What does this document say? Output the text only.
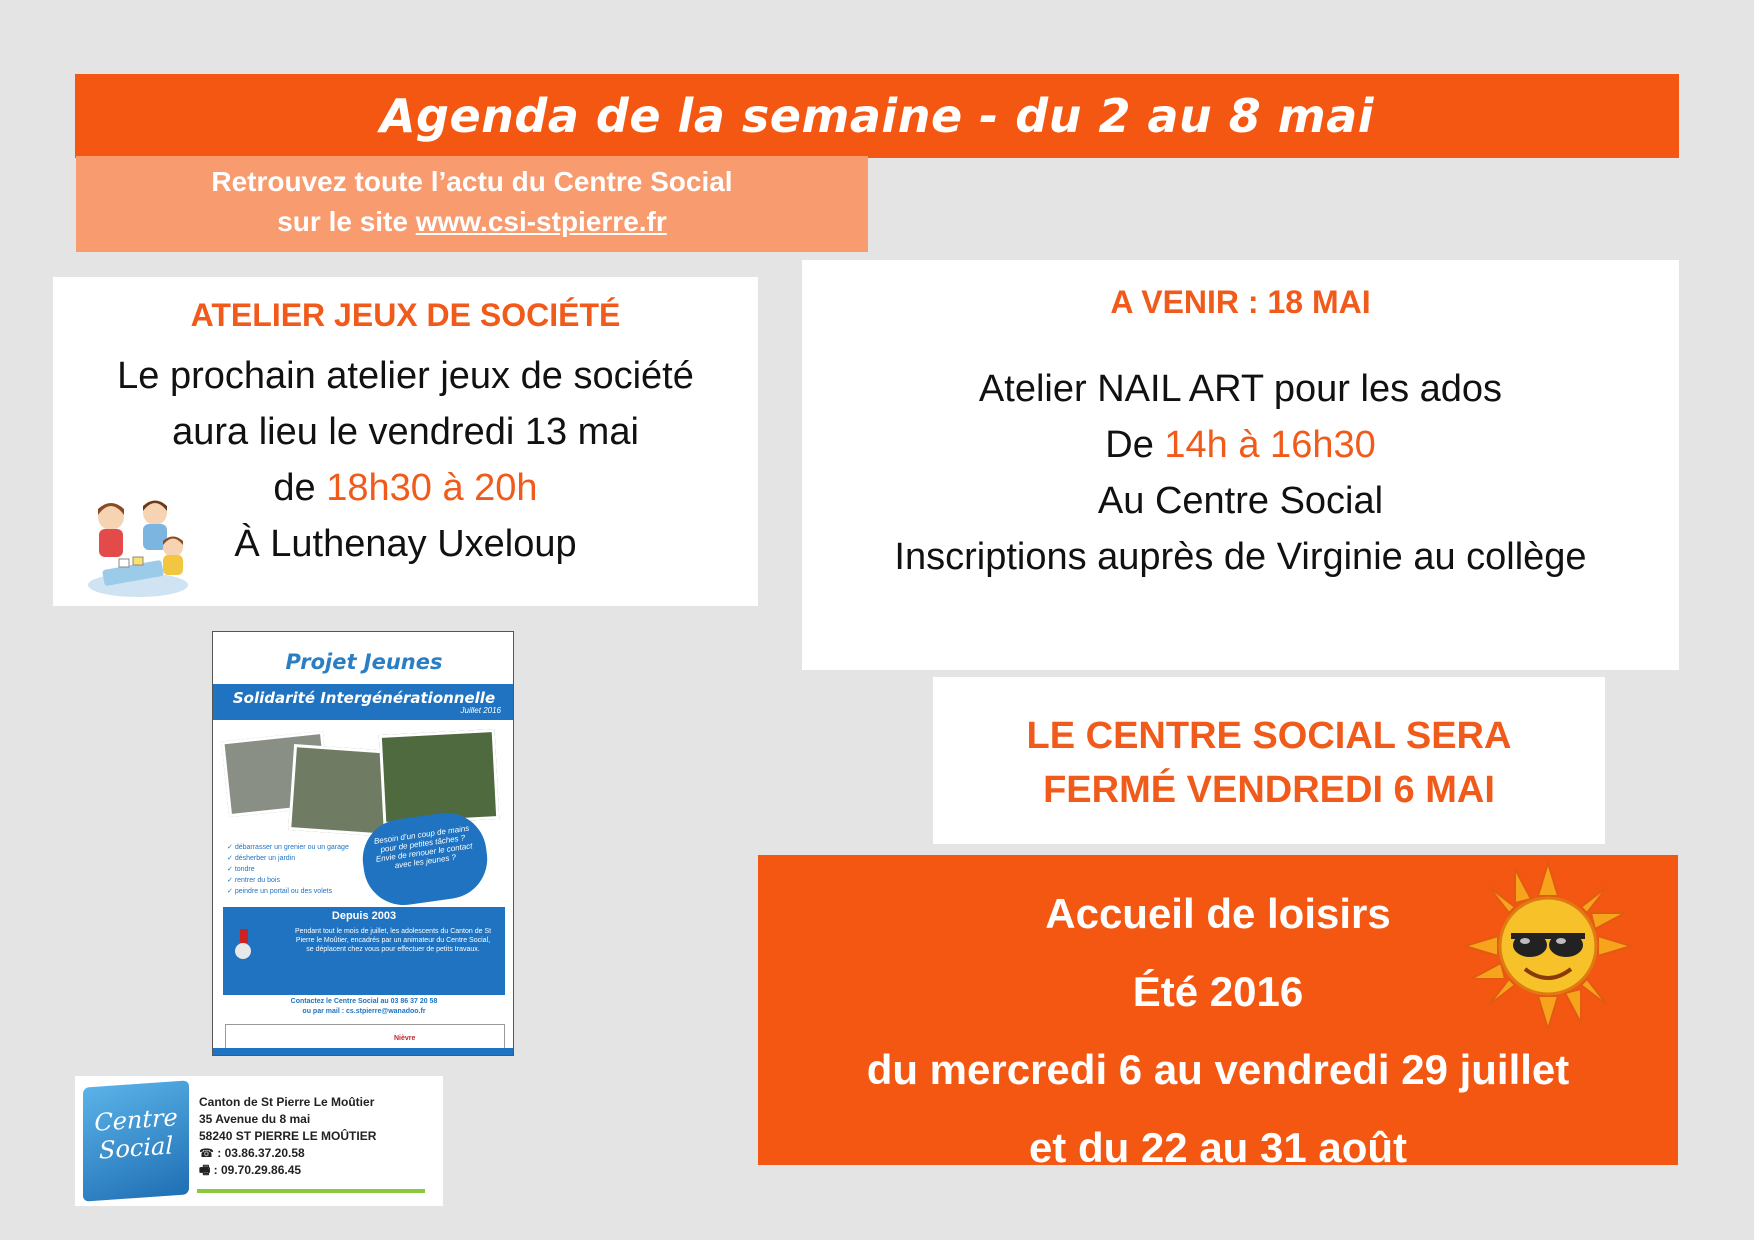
Agenda de la semaine - du 2 au 8 mai
Retrouvez toute l’actu du Centre Social
sur le site www.csi-stpierre.fr
ATELIER JEUX DE SOCIÉTÉ
Le prochain atelier jeux de société
aura lieu le vendredi 13 mai
de 18h30 à 20h
À Luthenay Uxeloup
A VENIR : 18 MAI
Atelier NAIL ART pour les ados
De 14h à 16h30
Au Centre Social
Inscriptions auprès de Virginie au collège
LE CENTRE SOCIAL SERA
FERMÉ VENDREDI 6 MAI
Accueil de loisirs
Été 2016
du mercredi 6 au vendredi 29 juillet
et du 22 au 31 août
Projet Jeunes
Solidarité Intergénérationnelle
Juillet 2016
Besoin d’un coup de mains pour de petites tâches ? Envie de renouer le contact avec les jeunes ?
✓ débarrasser un grenier ou un garage
✓ désherber un jardin
✓ tondre
✓ rentrer du bois
✓ peindre un portail ou des volets
Depuis 2003
Pendant tout le mois de juillet, les adolescents du Canton de St Pierre le Moûtier, encadrés par un animateur du Centre Social, se déplacent chez vous pour effectuer de petits travaux.
Contactez le Centre Social au 03 86 37 20 58
ou par mail : cs.stpierre@wanadoo.fr
Nièvre
Centre
Social
Canton de St Pierre Le Moûtier
35 Avenue du 8 mai
58240 ST PIERRE LE MOÛTIER
☎ : 03.86.37.20.58
🖷 : 09.70.29.86.45
